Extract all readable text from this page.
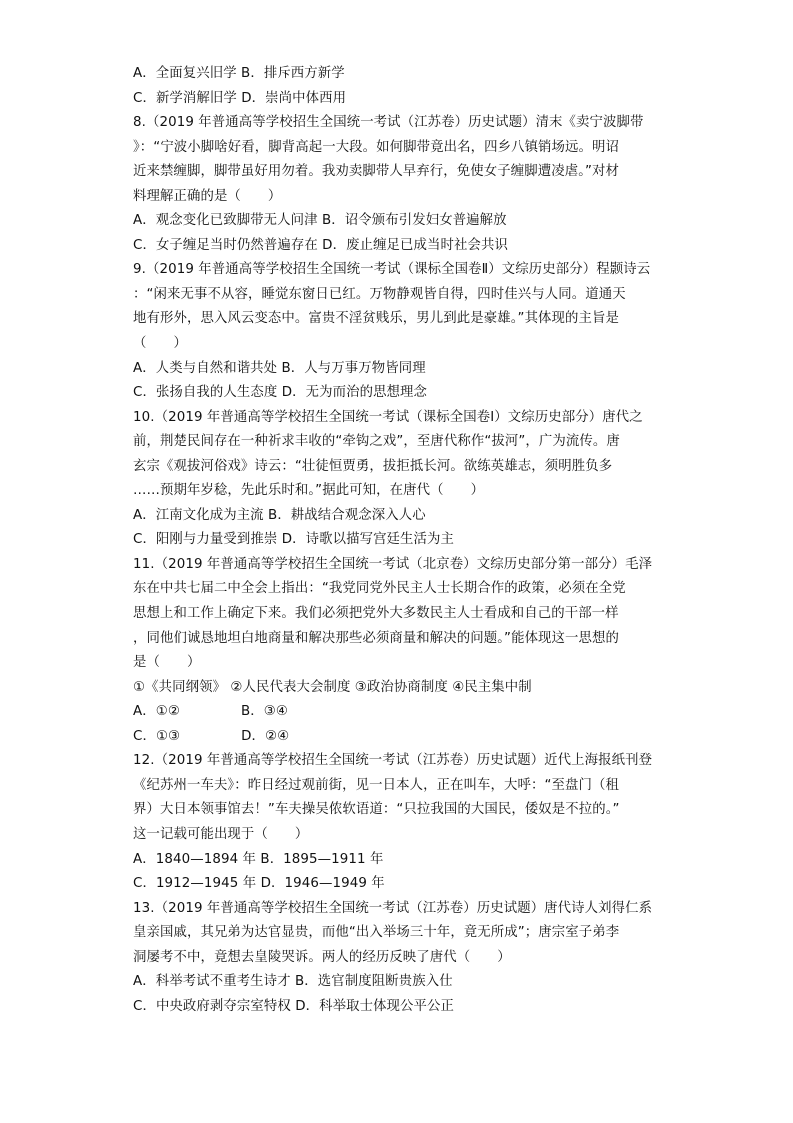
A．全面复兴旧学 B．排斥西方新学
C．新学消解旧学 D．崇尚中体西用
8.（2019 年普通高等学校招生全国统一考试（江苏卷）历史试题）清末《卖宁波脚带
》：“宁波小脚啥好看，脚背高起一大段。如何脚带竟出名，四乡八镇销场远。明诏
近来禁缠脚，脚带虽好用勿着。我劝卖脚带人早弃行，免使女子缠脚遭凌虐。”对材
料理解正确的是（　　）
A．观念变化已致脚带无人问津 B．诏令颁布引发妇女普遍解放
C．女子缠足当时仍然普遍存在 D．废止缠足已成当时社会共识
9.（2019 年普通高等学校招生全国统一考试（课标全国卷Ⅱ）文综历史部分）程颢诗云
：“闲来无事不从容，睡觉东窗日已红。万物静观皆自得，四时佳兴与人同。道通天
地有形外，思入风云变态中。富贵不淫贫贱乐，男儿到此是豪雄。”其体现的主旨是
（　　）
A．人类与自然和谐共处 B．人与万事万物皆同理
C．张扬自我的人生态度 D．无为而治的思想理念
10.（2019 年普通高等学校招生全国统一考试（课标全国卷Ⅰ）文综历史部分）唐代之
前，荆楚民间存在一种祈求丰收的“牵钩之戏”，至唐代称作“拔河”，广为流传。唐
玄宗《观拔河俗戏》诗云：“壮徒恒贾勇，拔拒抵长河。欲练英雄志，须明胜负多
……预期年岁稔，先此乐时和。”据此可知，在唐代（　　）
A．江南文化成为主流 B．耕战结合观念深入人心
C．阳刚与力量受到推崇 D．诗歌以描写宫廷生活为主
11.（2019 年普通高等学校招生全国统一考试（北京卷）文综历史部分第一部分）毛泽
东在中共七届二中全会上指出：“我党同党外民主人士长期合作的政策，必须在全党
思想上和工作上确定下来。我们必须把党外大多数民主人士看成和自己的干部一样
，同他们诚恳地坦白地商量和解决那些必须商量和解决的问题。”能体现这一思想的
是（　　）
①《共同纲领》 ②人民代表大会制度 ③政治协商制度 ④民主集中制
A．①②              B．③④
C．①③              D．②④
12.（2019 年普通高等学校招生全国统一考试（江苏卷）历史试题）近代上海报纸刊登
《纪苏州一车夫》：昨日经过观前街，见一日本人，正在叫车，大呼：“至盘门（租
界）大日本领事馆去！”车夫操吴侬软语道：“只拉我国的大国民，倭奴是不拉的。”
这一记载可能出现于（　　）
A．1840—1894 年 B．1895—1911 年
C．1912—1945 年 D．1946—1949 年
13.（2019 年普通高等学校招生全国统一考试（江苏卷）历史试题）唐代诗人刘得仁系
皇亲国戚，其兄弟为达官显贵，而他“出入举场三十年，竟无所成”；唐宗室子弟李
洞屡考不中，竟想去皇陵哭诉。两人的经历反映了唐代（　　）
A．科举考试不重考生诗才 B．选官制度阻断贵族入仕
C．中央政府剥夺宗室特权 D．科举取士体现公平公正
